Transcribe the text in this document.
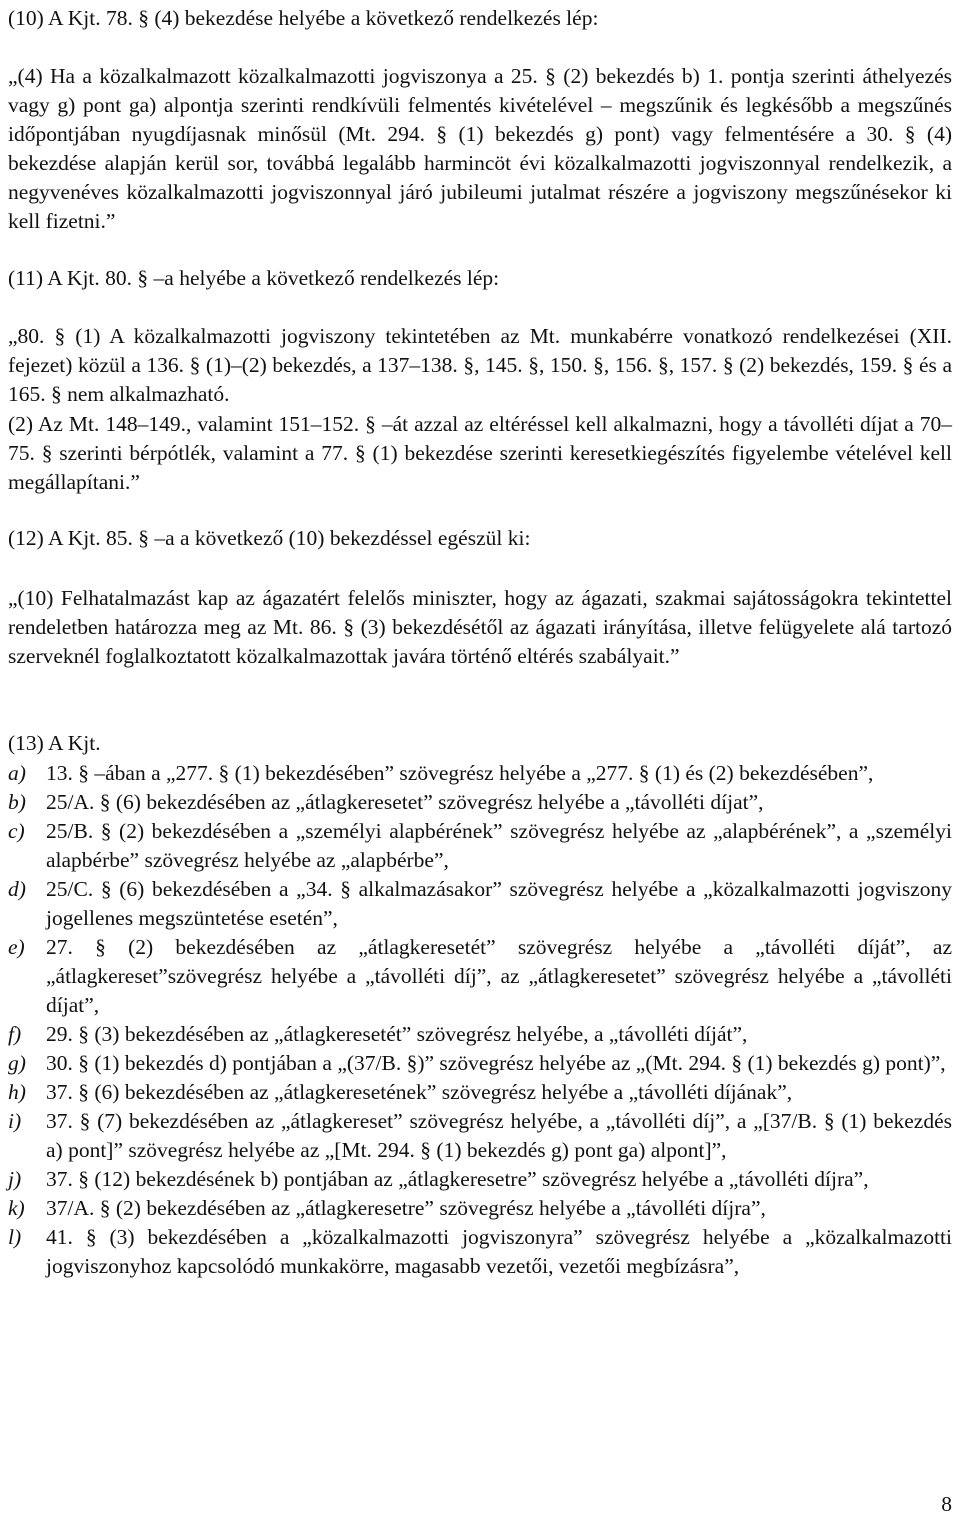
(10) A Kjt. 78. § (4) bekezdése helyébe a következő rendelkezés lép:

„(4) Ha a közalkalmazott közalkalmazotti jogviszonya a 25. § (2) bekezdés b) 1. pontja szerinti áthelyezés vagy g) pont ga) alpontja szerinti rendkívüli felmentés kivételével – megszűnik és legkésőbb a megszűnés időpontjában nyugdíjasnak minősül (Mt. 294. § (1) bekezdés g) pont) vagy felmentésére a 30. § (4) bekezdése alapján kerül sor, továbbá legalább harmincöt évi közalkalmazotti jogviszonnyal rendelkezik, a negyvenéves közalkalmazotti jogviszonnyal járó jubileumi jutalmat részére a jogviszony megszűnésekor ki kell fizetni.”

(11) A Kjt. 80. § –a helyébe a következő rendelkezés lép:

„80. § (1) A közalkalmazotti jogviszony tekintetében az Mt. munkabérre vonatkozó rendelkezései (XII. fejezet) közül a 136. § (1)–(2) bekezdés, a 137–138. §, 145. §, 150. §, 156. §, 157. § (2) bekezdés, 159. § és a 165. § nem alkalmazható.

(2) Az Mt. 148–149., valamint 151–152. § –át azzal az eltéréssel kell alkalmazni, hogy a távolléti díjat a 70–75. § szerinti bérpótlék, valamint a 77. § (1) bekezdése szerinti keresetkiegészítés figyelembe vételével kell megállapítani.”

(12) A Kjt. 85. § –a a következő (10) bekezdéssel egészül ki:

„(10) Felhatalmazást kap az ágazatért felelős miniszter, hogy az ágazati, szakmai sajátosságokra tekintettel rendeletben határozza meg az Mt. 86. § (3) bekezdésétől az ágazati irányítása, illetve felügyelete alá tartozó szerveknél foglalkoztatott közalkalmazottak javára történő eltérés szabályait.”

(13) A Kjt.

a) 13. § –ában a „277. § (1) bekezdésében” szövegrész helyébe a „277. § (1) és (2) bekezdésében”,
b) 25/A. § (6) bekezdésében az „átlagkeresetet” szövegrész helyébe a „távolléti díjat”,
c) 25/B. § (2) bekezdésében a „személyi alapbérének” szövegrész helyébe az „alapbérének”, a „személyi alapbérbe” szövegrész helyébe az „alapbérbe”,
d) 25/C. § (6) bekezdésében a „34. § alkalmazásakor” szövegrész helyébe a „közalkalmazotti jogviszony jogellenes megszüntetése esetén”,
e) 27. § (2) bekezdésében az „átlagkeresetét” szövegrész helyébe a „távolléti díját”, az „átlagkereset”szövegrész helyébe a „távolléti díj”, az „átlagkeresetet” szövegrész helyébe a „távolléti díjat”,
f) 29. § (3) bekezdésében az „átlagkeresetét” szövegrész helyébe, a „távolléti díját”,
g) 30. § (1) bekezdés d) pontjában a „(37/B. §)” szövegrész helyébe az „(Mt. 294. § (1) bekezdés g) pont)”,
h) 37. § (6) bekezdésében az „átlagkeresetének” szövegrész helyébe a „távolléti díjának”,
i) 37. § (7) bekezdésében az „átlagkereset” szövegrész helyébe, a „távolléti díj”, a „[37/B. § (1) bekezdés a) pont]” szövegrész helyébe az „[Mt. 294. § (1) bekezdés g) pont ga) alpont]”,
j) 37. § (12) bekezdésének b) pontjában az „átlagkeresetre” szövegrész helyébe a „távolléti díjra”,
k) 37/A. § (2) bekezdésében az „átlagkeresetre” szövegrész helyébe a „távolléti díjra”,
l) 41. § (3) bekezdésében a „közalkalmazotti jogviszonyra” szövegrész helyébe a „közalkalmazotti jogviszonyhoz kapcsolódó munkakörre, magasabb vezetői, vezetői megbízásra”,
8
